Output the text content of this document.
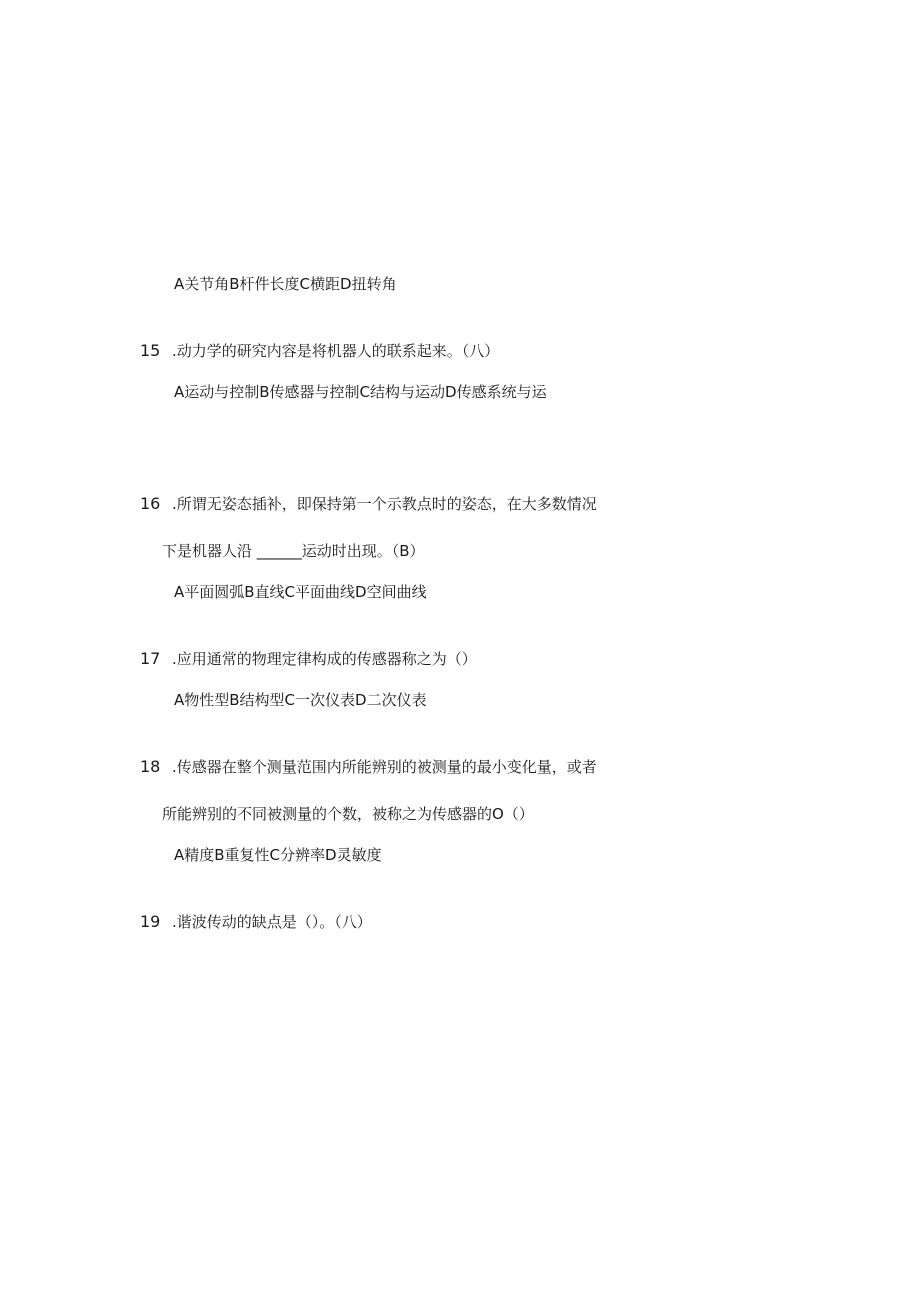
A关节角B杆件长度C横距D扭转角
15 .动力学的研究内容是将机器人的联系起来。（八）
A运动与控制B传感器与控制C结构与运动D传感系统与运
16 .所谓无姿态插补，即保持第一个示教点时的姿态，在大多数情况
下是机器人沿 ______运动时出现。（B）
A平面圆弧B直线C平面曲线D空间曲线
17 .应用通常的物理定律构成的传感器称之为（）
A物性型B结构型C一次仪表D二次仪表
18 .传感器在整个测量范围内所能辨别的被测量的最小变化量，或者
所能辨别的不同被测量的个数，被称之为传感器的O（）
A精度B重复性C分辨率D灵敏度
19 .谐波传动的缺点是（）。（八）
